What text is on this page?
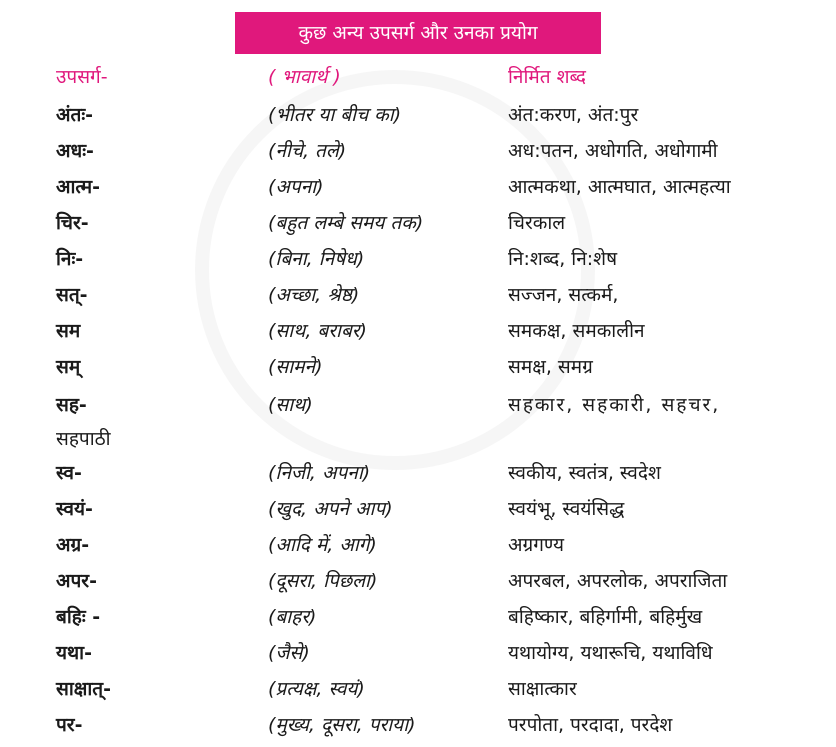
कुछ अन्य उपसर्ग और उनका प्रयोग
उपसर्ग-	( भावार्थ )	निर्मित शब्द
अंतः-	(भीतर या बीच का)	अंत:करण, अंत:पुर
अधः-	(नीचे, तले)	अध:पतन, अधोगति, अधोगामी
आत्म-	(अपना)	आत्मकथा, आत्मघात, आत्महत्या
चिर-	(बहुत लम्बे समय तक)	चिरकाल
निः-	(बिना, निषेध)	नि:शब्द, नि:शेष
सत्-	(अच्छा, श्रेष्ठ)	सज्जन, सत्कर्म,
सम	(साथ, बराबर)	समकक्ष, समकालीन
सम्	(सामने)	समक्ष, समग्र
सह-	(साथ)	सहकार, सहकारी, सहचर,
सहपाठी
स्व-	(निजी, अपना)	स्वकीय, स्वतंत्र, स्वदेश
स्वयं-	(खुद, अपने आप)	स्वयंभू, स्वयंसिद्ध
अग्र-	(आदि में, आगे)	अग्रगण्य
अपर-	(दूसरा, पिछला)	अपरबल, अपरलोक, अपराजिता
बहिः -	(बाहर)	बहिष्कार, बहिर्गामी, बहिर्मुख
यथा-	(जैसे)	यथायोग्य, यथारूचि, यथाविधि
साक्षात्-	(प्रत्यक्ष, स्वयं)	साक्षात्कार
पर-	(मुख्य, दूसरा, पराया)	परपोता, परदादा, परदेश
